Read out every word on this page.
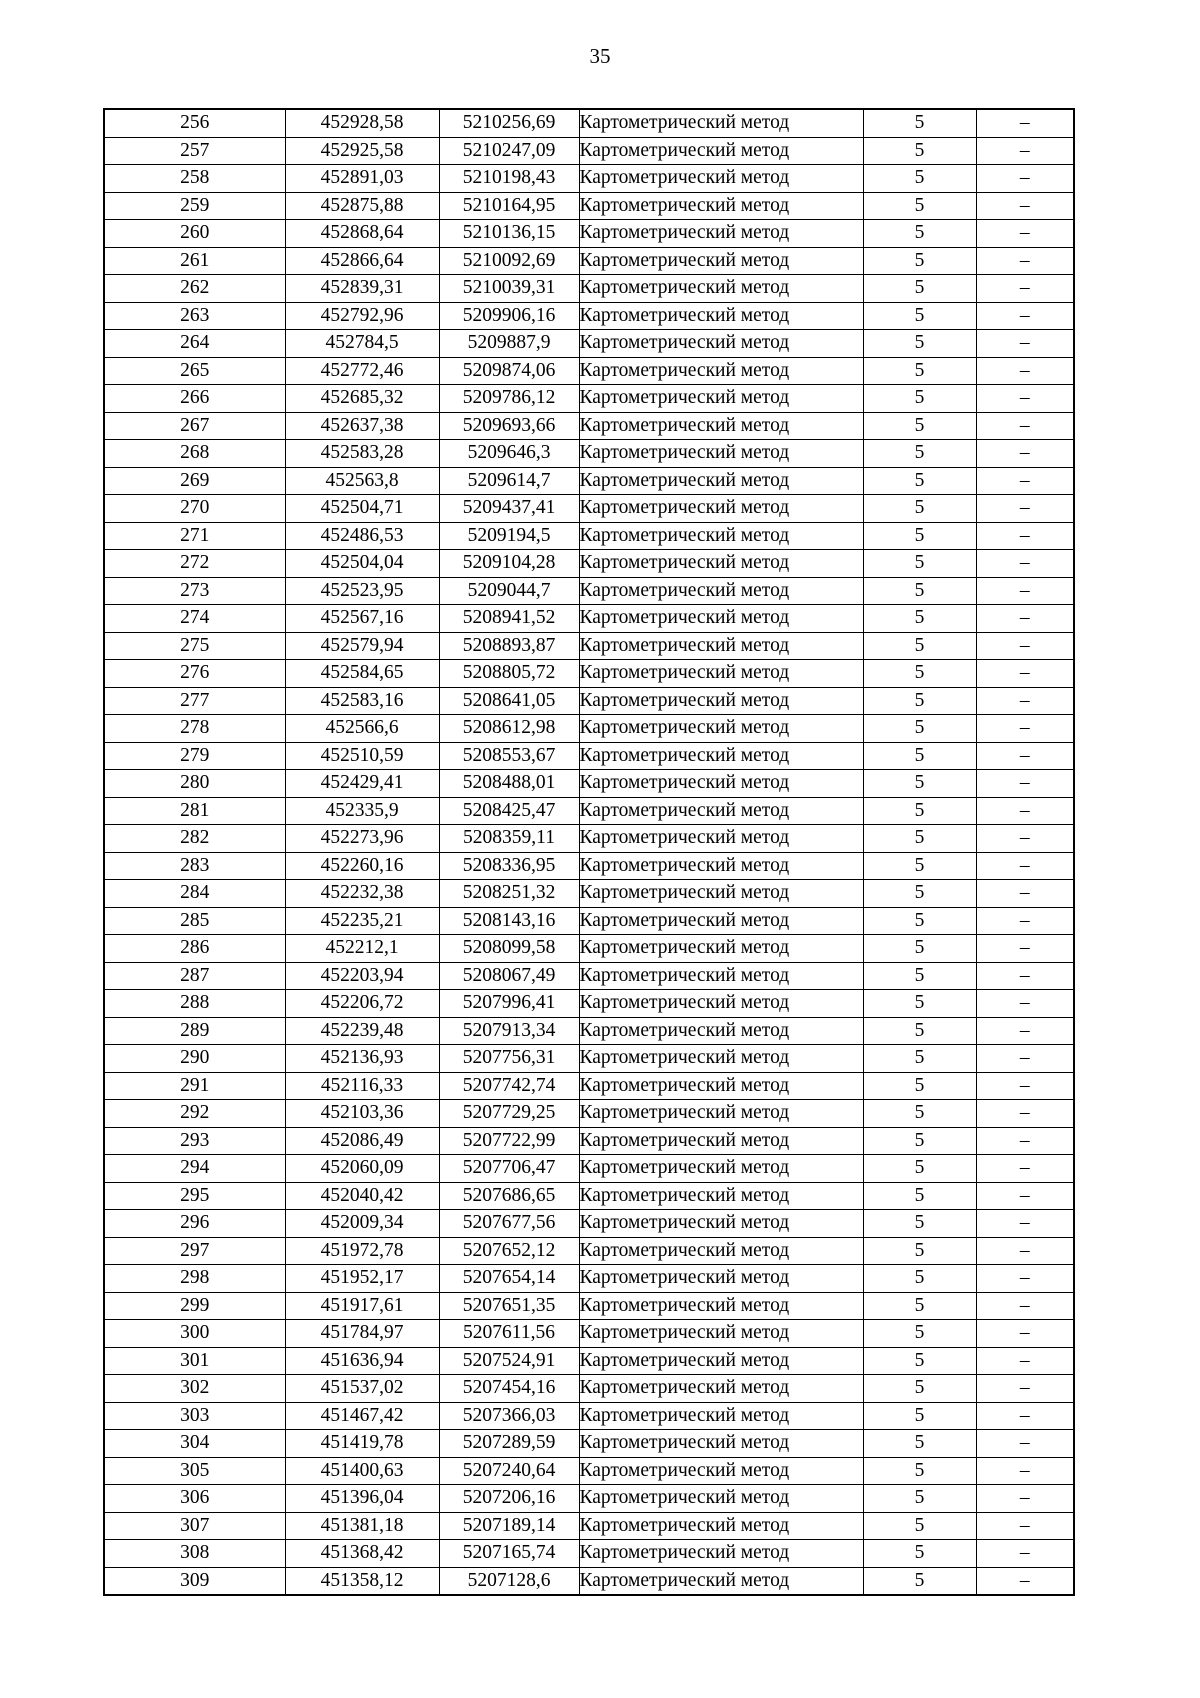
35
256	452928,58	5210256,69	Картометрический метод	5	–
257	452925,58	5210247,09	Картометрический метод	5	–
258	452891,03	5210198,43	Картометрический метод	5	–
259	452875,88	5210164,95	Картометрический метод	5	–
260	452868,64	5210136,15	Картометрический метод	5	–
261	452866,64	5210092,69	Картометрический метод	5	–
262	452839,31	5210039,31	Картометрический метод	5	–
263	452792,96	5209906,16	Картометрический метод	5	–
264	452784,5	5209887,9	Картометрический метод	5	–
265	452772,46	5209874,06	Картометрический метод	5	–
266	452685,32	5209786,12	Картометрический метод	5	–
267	452637,38	5209693,66	Картометрический метод	5	–
268	452583,28	5209646,3	Картометрический метод	5	–
269	452563,8	5209614,7	Картометрический метод	5	–
270	452504,71	5209437,41	Картометрический метод	5	–
271	452486,53	5209194,5	Картометрический метод	5	–
272	452504,04	5209104,28	Картометрический метод	5	–
273	452523,95	5209044,7	Картометрический метод	5	–
274	452567,16	5208941,52	Картометрический метод	5	–
275	452579,94	5208893,87	Картометрический метод	5	–
276	452584,65	5208805,72	Картометрический метод	5	–
277	452583,16	5208641,05	Картометрический метод	5	–
278	452566,6	5208612,98	Картометрический метод	5	–
279	452510,59	5208553,67	Картометрический метод	5	–
280	452429,41	5208488,01	Картометрический метод	5	–
281	452335,9	5208425,47	Картометрический метод	5	–
282	452273,96	5208359,11	Картометрический метод	5	–
283	452260,16	5208336,95	Картометрический метод	5	–
284	452232,38	5208251,32	Картометрический метод	5	–
285	452235,21	5208143,16	Картометрический метод	5	–
286	452212,1	5208099,58	Картометрический метод	5	–
287	452203,94	5208067,49	Картометрический метод	5	–
288	452206,72	5207996,41	Картометрический метод	5	–
289	452239,48	5207913,34	Картометрический метод	5	–
290	452136,93	5207756,31	Картометрический метод	5	–
291	452116,33	5207742,74	Картометрический метод	5	–
292	452103,36	5207729,25	Картометрический метод	5	–
293	452086,49	5207722,99	Картометрический метод	5	–
294	452060,09	5207706,47	Картометрический метод	5	–
295	452040,42	5207686,65	Картометрический метод	5	–
296	452009,34	5207677,56	Картометрический метод	5	–
297	451972,78	5207652,12	Картометрический метод	5	–
298	451952,17	5207654,14	Картометрический метод	5	–
299	451917,61	5207651,35	Картометрический метод	5	–
300	451784,97	5207611,56	Картометрический метод	5	–
301	451636,94	5207524,91	Картометрический метод	5	–
302	451537,02	5207454,16	Картометрический метод	5	–
303	451467,42	5207366,03	Картометрический метод	5	–
304	451419,78	5207289,59	Картометрический метод	5	–
305	451400,63	5207240,64	Картометрический метод	5	–
306	451396,04	5207206,16	Картометрический метод	5	–
307	451381,18	5207189,14	Картометрический метод	5	–
308	451368,42	5207165,74	Картометрический метод	5	–
309	451358,12	5207128,6	Картометрический метод	5	–
